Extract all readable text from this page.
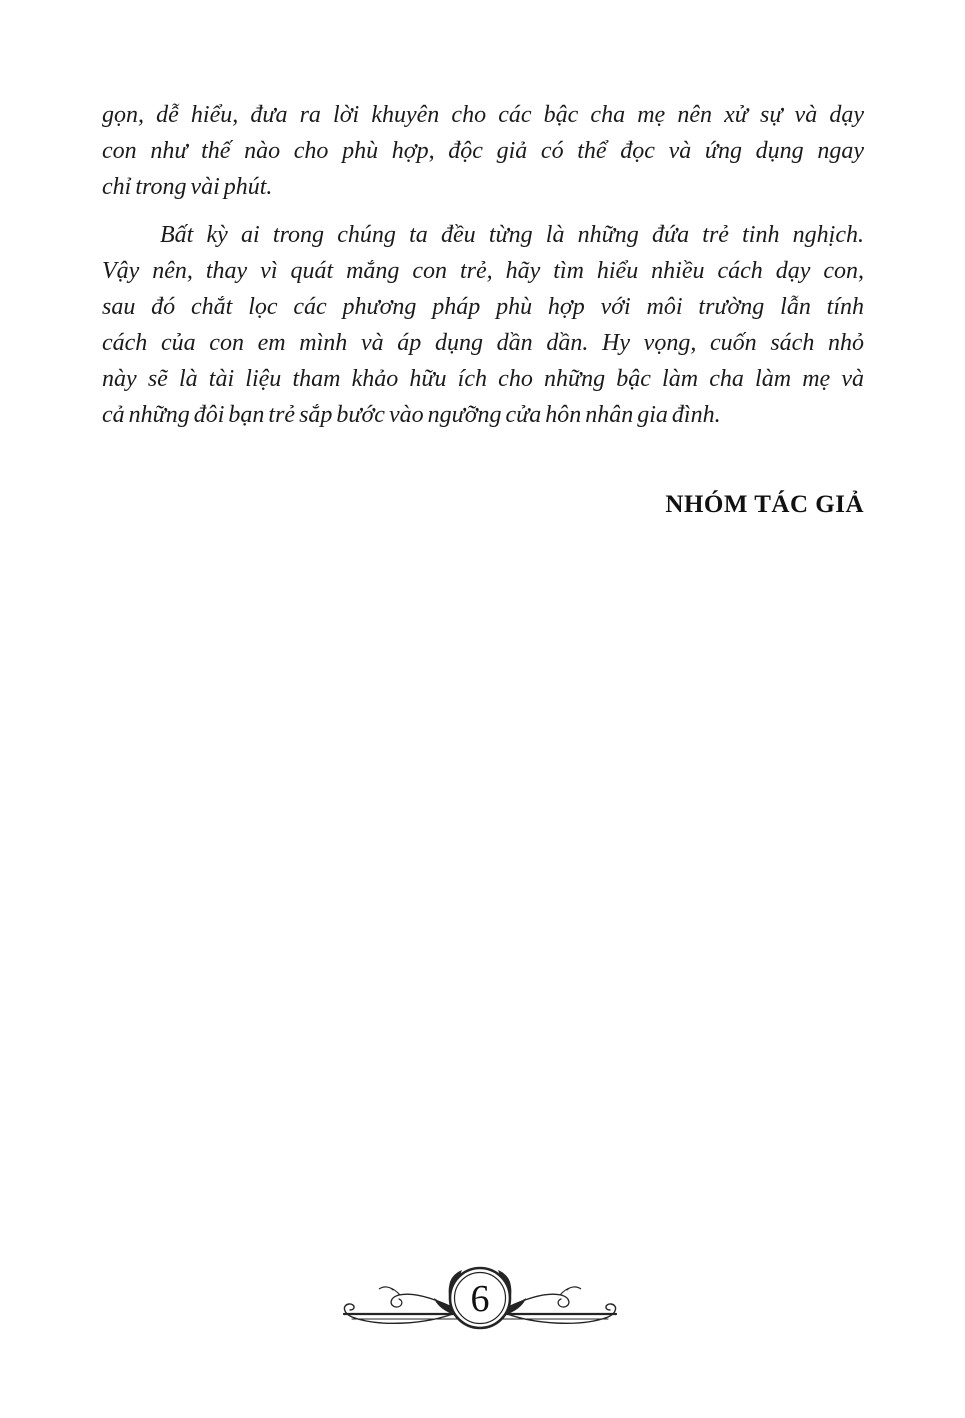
gọn, dễ hiểu, đưa ra lời khuyên cho các bậc cha mẹ nên xử sự và dạy
con như thế nào cho phù hợp, độc giả có thể đọc và ứng dụng ngay
chỉ trong vài phút.
Bất kỳ ai trong chúng ta đều từng là những đứa trẻ tinh nghịch.
Vậy nên, thay vì quát mắng con trẻ, hãy tìm hiểu nhiều cách dạy con,
sau đó chắt lọc các phương pháp phù hợp với môi trường lẫn tính
cách của con em mình và áp dụng dần dần. Hy vọng, cuốn sách nhỏ
này sẽ là tài liệu tham khảo hữu ích cho những bậc làm cha làm mẹ và
cả những đôi bạn trẻ sắp bước vào ngưỡng cửa hôn nhân gia đình.
NHÓM TÁC GIẢ
6
